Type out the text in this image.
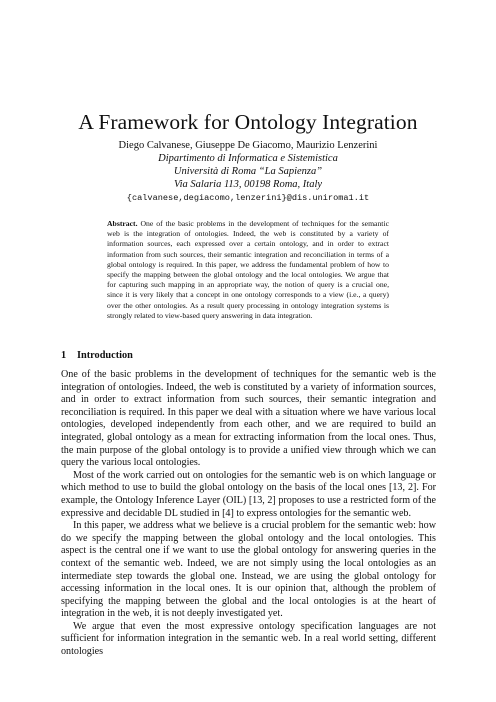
A Framework for Ontology Integration
Diego Calvanese, Giuseppe De Giacomo, Maurizio Lenzerini
Dipartimento di Informatica e Sistemistica
Università di Roma “La Sapienza”
Via Salaria 113, 00198 Roma, Italy
{calvanese,degiacomo,lenzerini}@dis.uniroma1.it
Abstract. One of the basic problems in the development of techniques for the semantic web is the integration of ontologies. Indeed, the web is constituted by a variety of information sources, each expressed over a certain ontology, and in order to extract information from such sources, their semantic integration and reconciliation in terms of a global ontology is required. In this paper, we address the fundamental problem of how to specify the mapping between the global ontology and the local ontologies. We argue that for capturing such mapping in an appropriate way, the notion of query is a crucial one, since it is very likely that a concept in one ontology corresponds to a view (i.e., a query) over the other ontologies. As a result query processing in ontology integration systems is strongly related to view-based query answering in data integration.
1 Introduction

One of the basic problems in the development of techniques for the semantic web is the integration of ontologies. Indeed, the web is constituted by a variety of information sources, and in order to extract information from such sources, their semantic integration and reconciliation is required. In this paper we deal with a situation where we have various local ontologies, developed independently from each other, and we are required to build an integrated, global ontology as a mean for extracting information from the local ones. Thus, the main purpose of the global ontology is to provide a unified view through which we can query the various local ontologies.

Most of the work carried out on ontologies for the semantic web is on which language or which method to use to build the global ontology on the basis of the local ones [13, 2]. For example, the Ontology Inference Layer (OIL) [13, 2] proposes to use a restricted form of the expressive and decidable DL studied in [4] to express ontologies for the semantic web.

In this paper, we address what we believe is a crucial problem for the semantic web: how do we specify the mapping between the global ontology and the local ontologies. This aspect is the central one if we want to use the global ontology for answering queries in the context of the semantic web. Indeed, we are not simply using the local ontologies as an intermediate step towards the global one. Instead, we are using the global ontology for accessing information in the local ones. It is our opinion that, although the problem of specifying the mapping between the global and the local ontologies is at the heart of integration in the web, it is not deeply investigated yet.

We argue that even the most expressive ontology specification languages are not sufficient for information integration in the semantic web. In a real world setting, different ontologies
